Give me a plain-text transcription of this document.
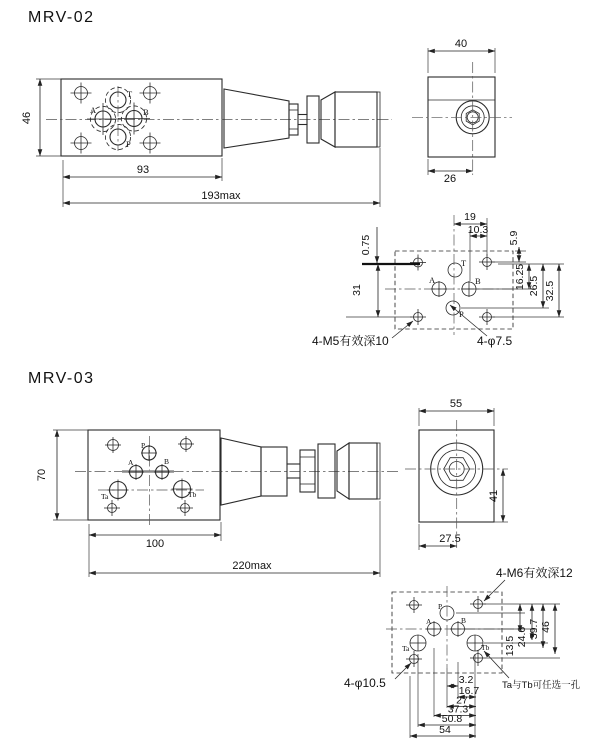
MRV-02
T
A	B
P
46
93
193max
40
26
T
A	B
P
19
10.3
5.9
0.75
31	16.25 26.5 32.5
4-M5有效深10	4-φ7.5
MRV-03
P
A	B
Ta	Tb
70
100
220max
55
41
27.5
P
A	B
Ta	Tb
4-M6有效深12
4-φ10.5	Ta与Tb可任选一孔
13.5 24.6 39.7 46
3.2
16.7
27
37.3
50.8
54
